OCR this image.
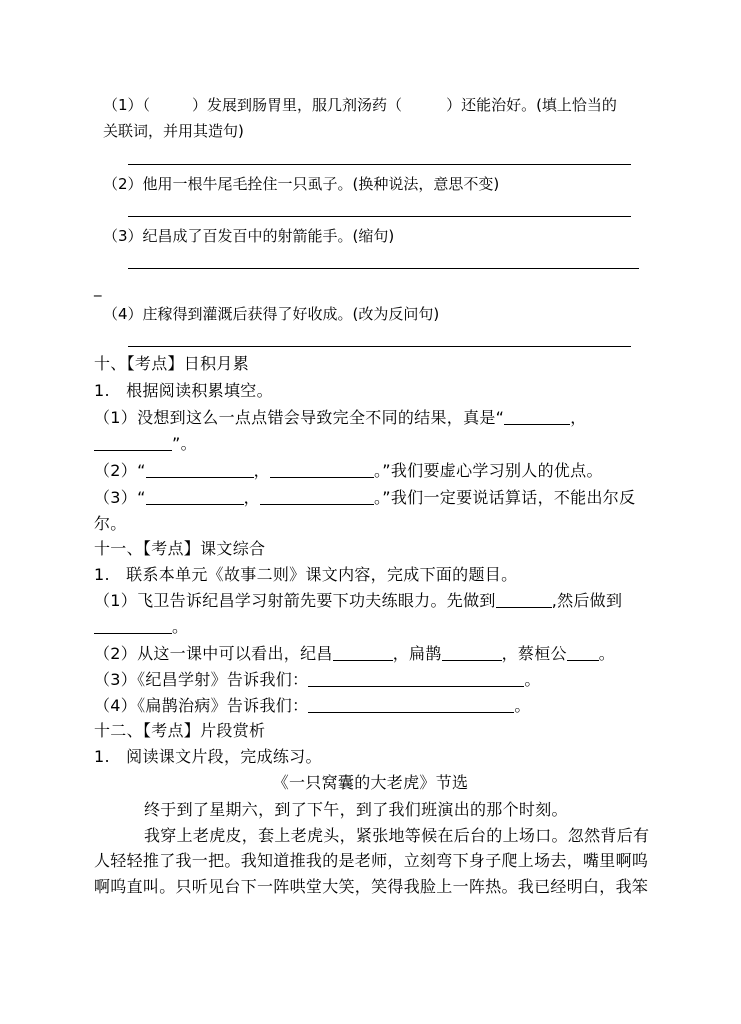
（1）（	）发展到肠胃里，服几剂汤药（	）还能治好。(填上恰当的
关联词，并用其造句)
（2）他用一根牛尾毛拴住一只虱子。(换种说法，意思不变)
（3）纪昌成了百发百中的射箭能手。(缩句)
_
（4）庄稼得到灌溉后获得了好收成。(改为反问句)
十、【考点】日积月累
1.　根据阅读积累填空。
（1）没想到这么一点点错会导致完全不同的结果，真是“	，
”。
（2）“	，	。”我们要虚心学习别人的优点。
（3）“	，	。”我们一定要说话算话，不能出尔反
尔。
十一、【考点】课文综合
1.　联系本单元《故事二则》课文内容，完成下面的题目。
（1）飞卫告诉纪昌学习射箭先要下功夫练眼力。先做到	,然后做到
。
（2）从这一课中可以看出，纪昌	，扁鹊	，蔡桓公 。
（3）《纪昌学射》告诉我们：	。
（4）《扁鹊治病》告诉我们：	。
十二、【考点】片段赏析
1.　阅读课文片段，完成练习。
《一只窝囊的大老虎》节选
终于到了星期六，到了下午，到了我们班演出的那个时刻。
我穿上老虎皮，套上老虎头，紧张地等候在后台的上场口。忽然背后有
人轻轻推了我一把。我知道推我的是老师，立刻弯下身子爬上场去，嘴里啊呜
啊呜直叫。只听见台下一阵哄堂大笑，笑得我脸上一阵热。我已经明白，我笨
